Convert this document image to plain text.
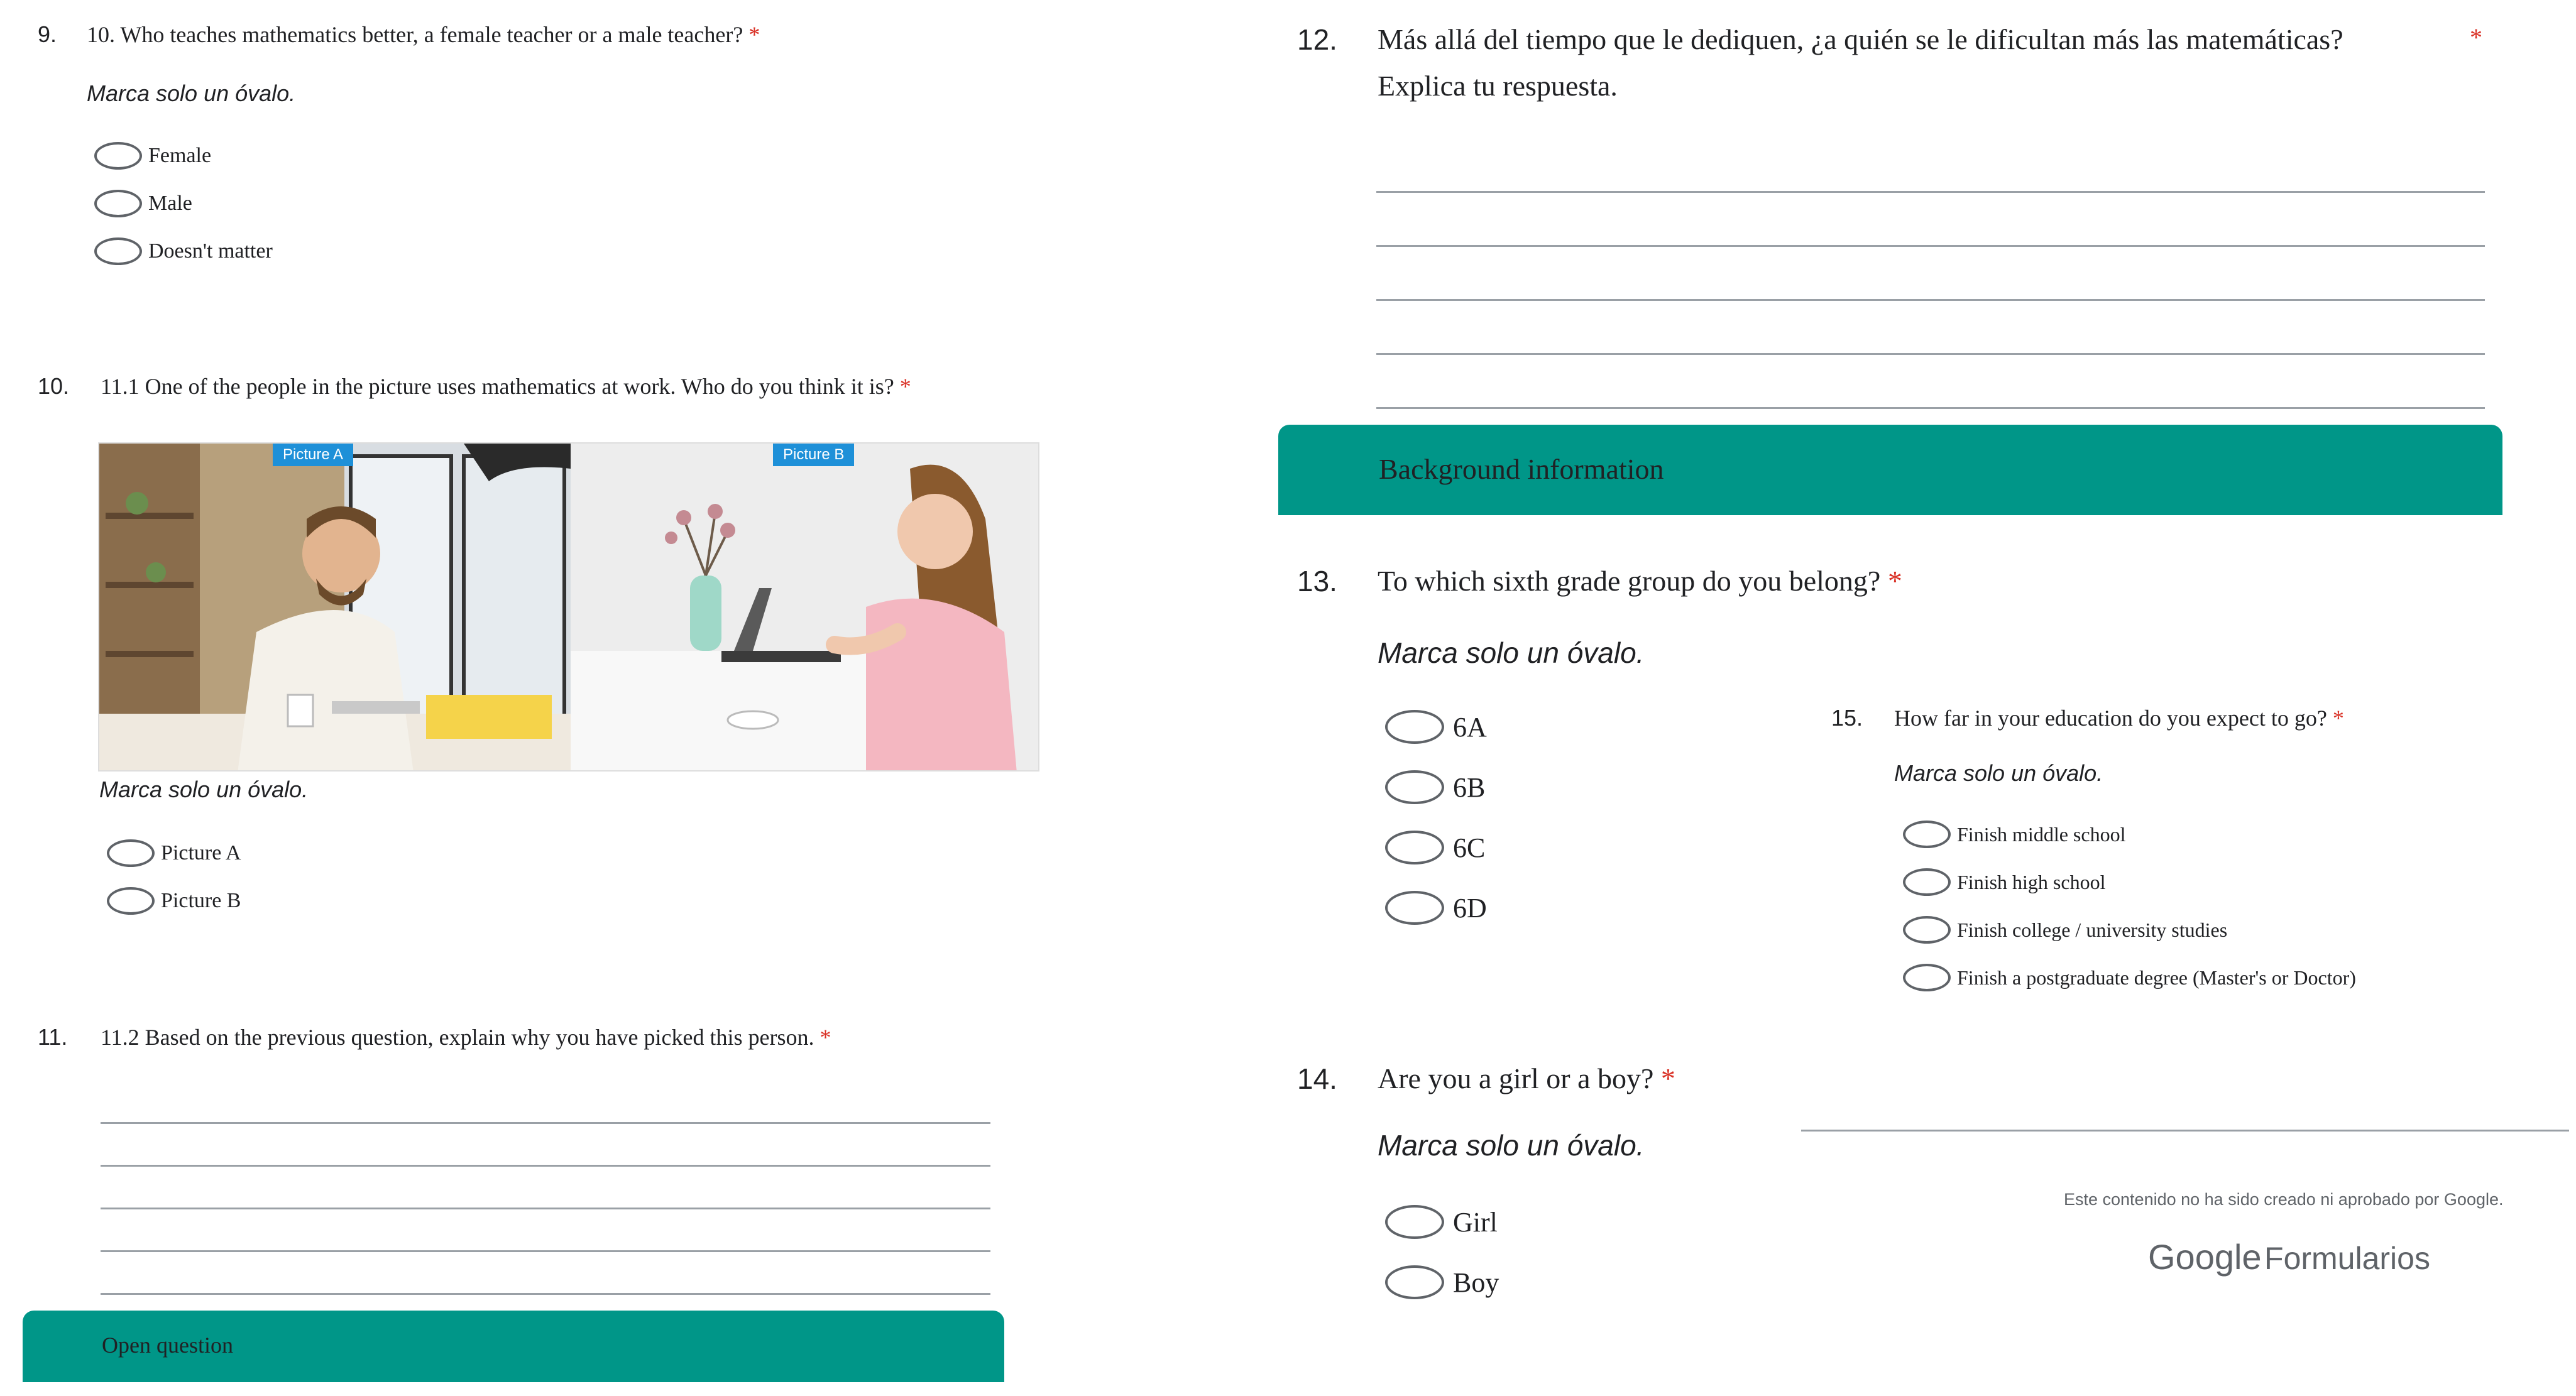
9. 10. Who teaches mathematics better, a female teacher or a male teacher? *
Marca solo un óvalo.
Female
Male
Doesn't matter
10. 11.1 One of the people in the picture uses mathematics at work. Who do you think it is? *
Picture A	Picture B
Marca solo un óvalo.
Picture A
Picture B
11. 11.2 Based on the previous question, explain why you have picked this person. *
Open question
12. Más allá del tiempo que le dediquen, ¿a quién se le dificultan más las matemáticas?	*
Explica tu respuesta.
Background information
13. To which sixth grade group do you belong? *
Marca solo un óvalo.
6A
6B
6C
6D
15. How far in your education do you expect to go? *
Marca solo un óvalo.
Finish middle school
Finish high school
Finish college / university studies
Finish a postgraduate degree (Master's or Doctor)
14. Are you a girl or a boy? *
Marca solo un óvalo.
Girl
Boy
Este contenido no ha sido creado ni aprobado por Google.
Google Formularios
